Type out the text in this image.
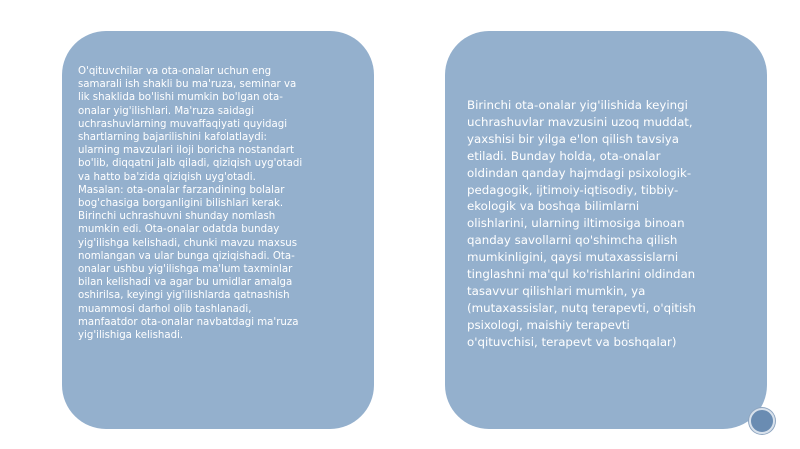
O'qituvchilar va ota-onalar uchun eng
samarali ish shakli bu ma'ruza, seminar va
lik shaklida bo'lishi mumkin bo'lgan ota-
onalar yig'ilishlari. Ma'ruza saidagi
uchrashuvlarning muvaffaqiyati quyidagi
shartlarning bajarilishini kafolatlaydi:
ularning mavzulari iloji boricha nostandart
bo'lib, diqqatni jalb qiladi, qiziqish uyg'otadi
va hatto ba'zida qiziqish uyg'otadi.
Masalan: ota-onalar farzandining bolalar
bog'chasiga borganligini bilishlari kerak.
Birinchi uchrashuvni shunday nomlash
mumkin edi. Ota-onalar odatda bunday
yig'ilishga kelishadi, chunki mavzu maxsus
nomlangan va ular bunga qiziqishadi. Ota-
onalar ushbu yig'ilishga ma'lum taxminlar
bilan kelishadi va agar bu umidlar amalga
oshirilsa, keyingi yig'ilishlarda qatnashish
muammosi darhol olib tashlanadi,
manfaatdor ota-onalar navbatdagi ma'ruza
yig'ilishiga kelishadi.

Birinchi ota-onalar yig'ilishida keyingi
uchrashuvlar mavzusini uzoq muddat,
yaxshisi bir yilga e'lon qilish tavsiya
etiladi. Bunday holda, ota-onalar
oldindan qanday hajmdagi psixologik-
pedagogik, ijtimoiy-iqtisodiy, tibbiy-
ekologik va boshqa bilimlarni
olishlarini, ularning iltimosiga binoan
qanday savollarni qo'shimcha qilish
mumkinligini, qaysi mutaxassislarni
tinglashni ma'qul ko'rishlarini oldindan
tasavvur qilishlari mumkin, ya
(mutaxassislar, nutq terapevti, o'qitish
psixologi, maishiy terapevti
o'qituvchisi, terapevt va boshqalar)
